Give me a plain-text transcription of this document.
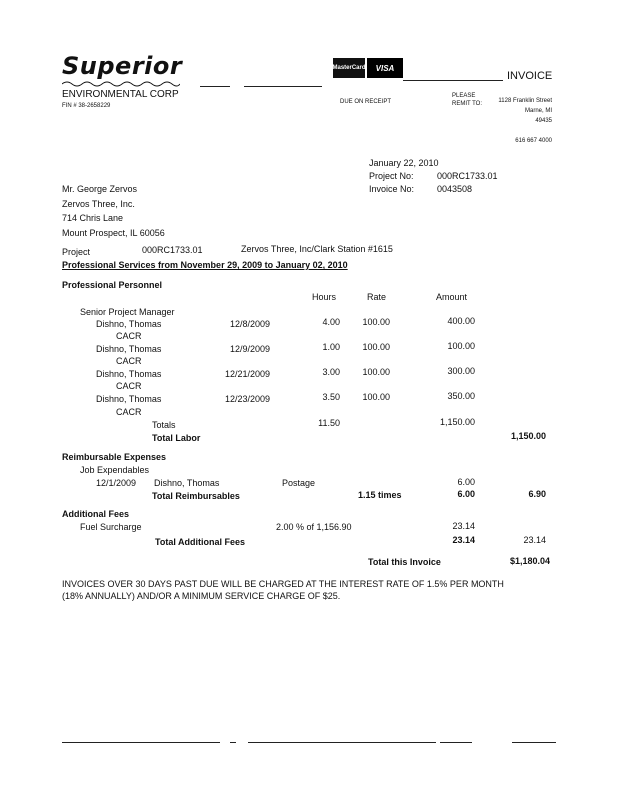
Superior
ENVIRONMENTAL CORP
FIN # 38-2658229
MasterCard	VISA
INVOICE
DUE ON RECEIPT
PLEASE
REMIT TO:	1128 Franklin Street
Marne, MI
49435
616 667 4000
January 22, 2010
Project No:	000RC1733.01
Invoice No:	0043508
Mr. George Zervos
Zervos Three, Inc.
714 Chris Lane
Mount Prospect, IL 60056
Project	000RC1733.01	Zervos Three, Inc/Clark Station #1615
Professional Services from November 29, 2009 to January 02, 2010
Professional Personnel
Hours	Rate	Amount
Senior Project Manager
Dishno, Thomas
CACR
12/8/2009	4.00	100.00	400.00
Dishno, Thomas
CACR
12/9/2009	1.00	100.00	100.00
Dishno, Thomas
CACR
12/21/2009	3.00	100.00	300.00
Dishno, Thomas
CACR
12/23/2009	3.50	100.00	350.00
Totals	11.50	1,150.00
Total Labor	1,150.00
Reimbursable Expenses
Job Expendables
12/1/2009 Dishno, Thomas	Postage	6.00
Total Reimbursables	1.15 times	6.00	6.90
Additional Fees
Fuel Surcharge	2.00 % of 1,156.90	23.14
Total Additional Fees	23.14	23.14
Total this Invoice	$1,180.04
INVOICES OVER 30 DAYS PAST DUE WILL BE CHARGED AT THE INTEREST RATE OF 1.5% PER MONTH
(18% ANNUALLY) AND/OR A MINIMUM SERVICE CHARGE OF $25.
